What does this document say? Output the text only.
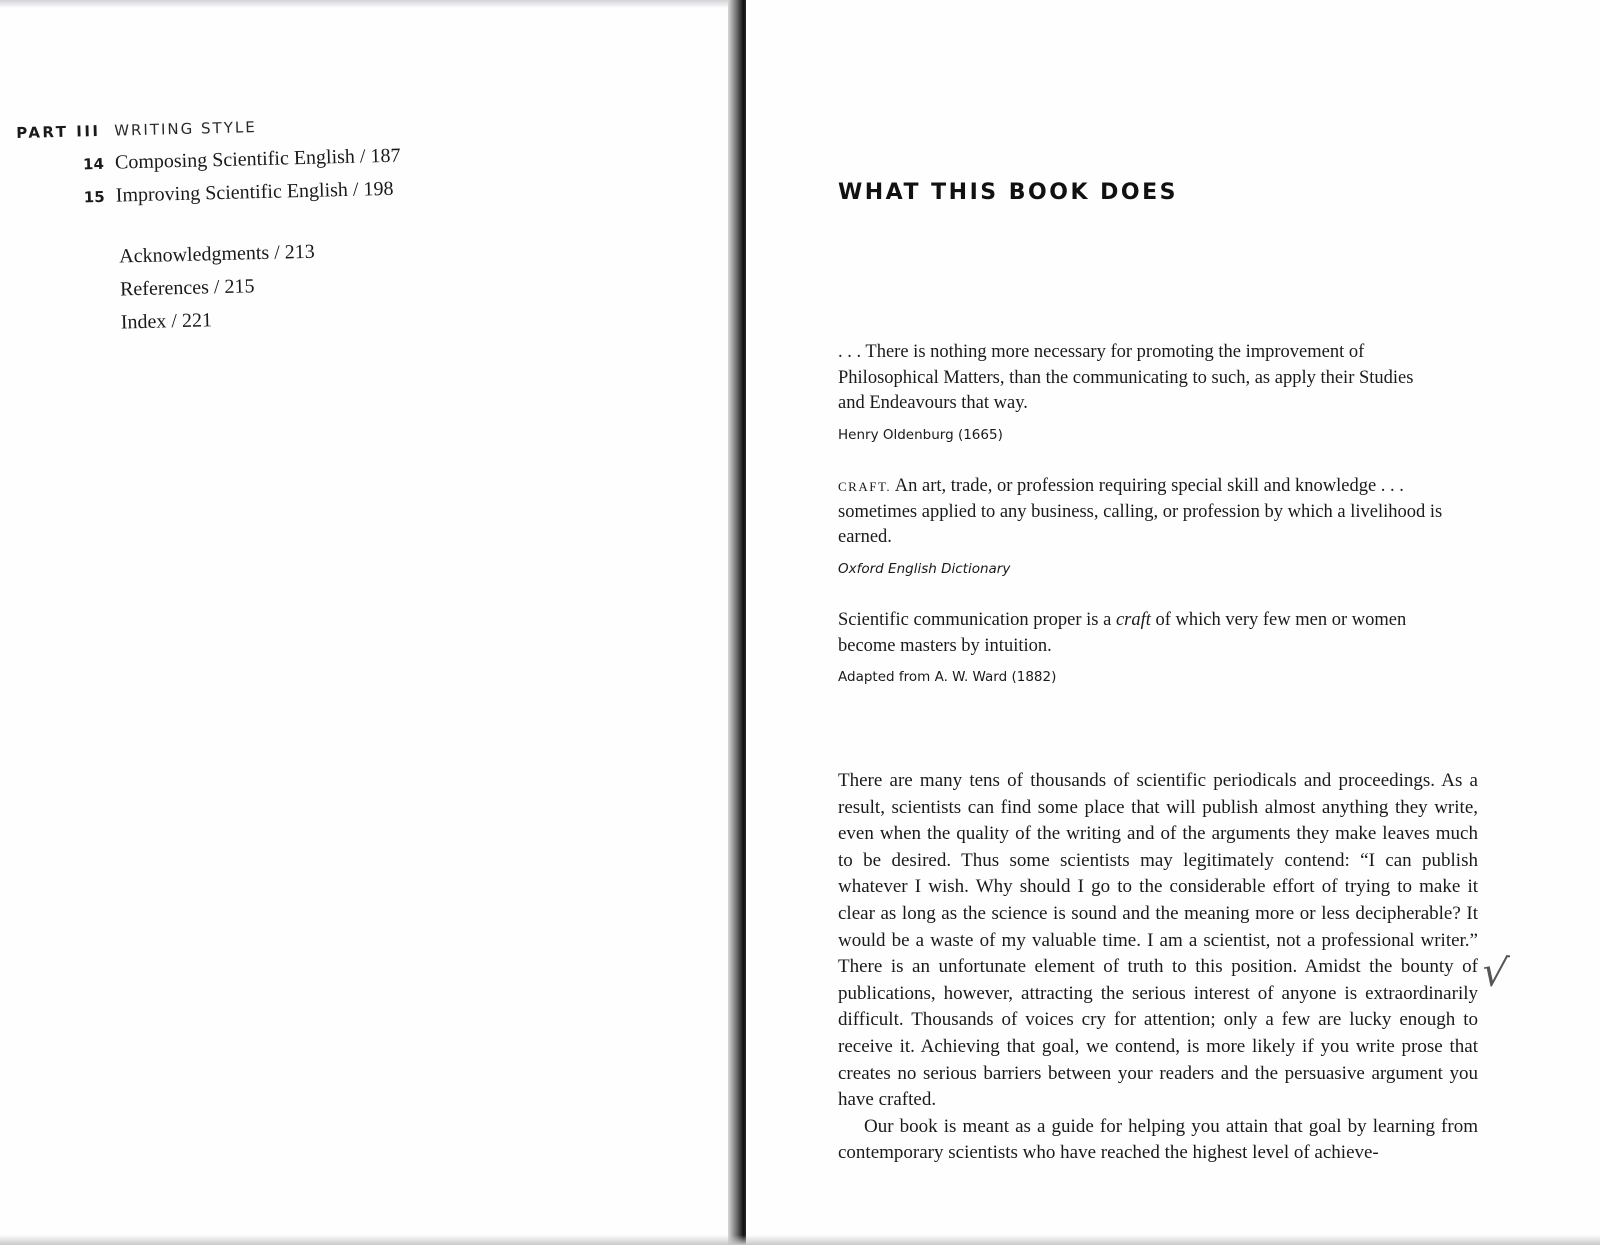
PART III WRITING STYLE
14 Composing Scientific English / 187
15 Improving Scientific English / 198
Acknowledgments / 213
References / 215
Index / 221
WHAT THIS BOOK DOES

. . . There is nothing more necessary for promoting the improvement of Philosophical Matters, than the communicating to such, as apply their Studies and Endeavours that way.

Henry Oldenburg (1665)

CRAFT. An art, trade, or profession requiring special skill and knowledge . . . sometimes applied to any business, calling, or profession by which a livelihood is earned.

Oxford English Dictionary

Scientific communication proper is a craft of which very few men or women become masters by intuition.

Adapted from A. W. Ward (1882)

There are many tens of thousands of scientific periodicals and proceedings. As a result, scientists can find some place that will publish almost anything they write, even when the quality of the writing and of the arguments they make leaves much to be desired. Thus some scientists may legitimately contend: “I can publish whatever I wish. Why should I go to the considerable effort of trying to make it clear as long as the science is sound and the meaning more or less decipherable? It would be a waste of my valuable time. I am a scientist, not a professional writer.” There is an unfortunate element of truth to this position. Amidst the bounty of publications, however, attracting the serious interest of anyone is extraordinarily difficult. Thousands of voices cry for attention; only a few are lucky enough to receive it. Achieving that goal, we contend, is more likely if you write prose that creates no serious barriers between your readers and the persuasive argument you have crafted.

Our book is meant as a guide for helping you attain that goal by learning from contemporary scientists who have reached the highest level of achieve-

√
